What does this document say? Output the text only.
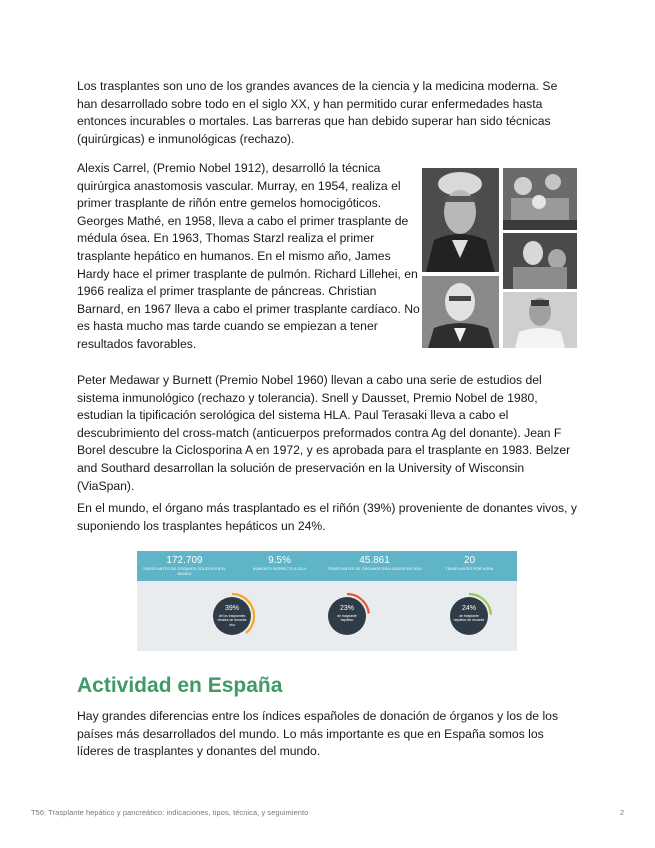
Los trasplantes son uno de los grandes avances de la ciencia y la medicina moderna. Se han desarrollado sobre todo en el siglo XX, y han permitido curar enfermedades hasta entonces incurables o mortales. Las barreras que han debido superar han sido técnicas (quirúrgicas) e inmunológicas (rechazo).

Alexis Carrel, (Premio Nobel 1912), desarrolló la técnica quirúrgica anastomosis vascular. Murray, en 1954, realiza el primer trasplante de riñón entre gemelos homocigóticos. Georges Mathé, en 1958, lleva a cabo el primer trasplante de médula ósea. En 1963, Thomas Starzl realiza el primer trasplante hepático en humanos. En el mismo año, James Hardy hace el primer trasplante de pulmón. Richard Lillehei, en 1966 realiza el primer trasplante de páncreas. Christian Barnard, en 1967 lleva a cabo el primer trasplante cardíaco. No es hasta mucho mas tarde cuando se empiezan a tener resultados favorables.

Peter Medawar y Burnett (Premio Nobel 1960) llevan a cabo una serie de estudios del sistema inmunológico (rechazo y tolerancia). Snell y Dausset, Premio Nobel de 1980, estudian la tipificación serológica del sistema HLA. Paul Terasaki lleva a cabo el descubrimiento del cross-match (anticuerpos preformados contra Ag del donante). Jean F Borel descubre la Ciclosporina A en 1972, y es aprobada para el trasplante en 1983. Belzer and Southard desarrollan la solución de preservación en la University of Wisconsin (ViaSpan).

En el mundo, el órgano más trasplantado es el riñón (39%) proveniente de donantes vivos, y suponiendo los trasplantes hepáticos un 24%.

172.709
TRASPLANTES DE ÓRGANOS SÓLIDOS EN EL MUNDO
9.5%
AUMENTO RESPECTO A 2014
45.861
TRASPLANTES DE ÓRGANOS REALIZADOS EN 2015
20
TRASPLANTES POR HORA
39%
de los trasplantes renales de donante vivo
23%
de trasplante hepático
24%
de trasplante hepático de donante
Actividad en España

Hay grandes diferencias entre los índices españoles de donación de órganos y los de los países más desarrollados del mundo. Lo más importante es que en España somos los líderes de trasplantes y donantes del mundo.

T56: Trasplante hepático y pancreático: indicaciones, tipos, técnica, y seguimiento	2
